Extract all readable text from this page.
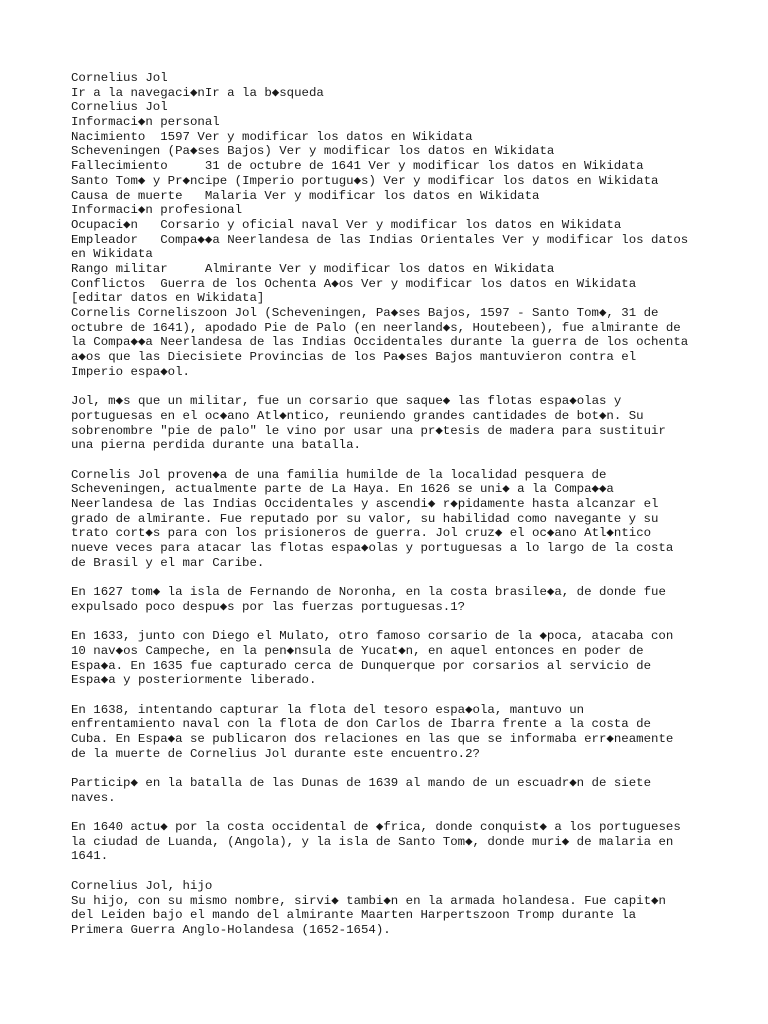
Cornelius Jol
Ir a la navegaci◆nIr a la b◆squeda
Cornelius Jol
Informaci◆n personal
Nacimiento  1597 Ver y modificar los datos en Wikidata
Scheveningen (Pa◆ses Bajos) Ver y modificar los datos en Wikidata
Fallecimiento     31 de octubre de 1641 Ver y modificar los datos en Wikidata
Santo Tom◆ y Pr◆ncipe (Imperio portugu◆s) Ver y modificar los datos en Wikidata
Causa de muerte   Malaria Ver y modificar los datos en Wikidata
Informaci◆n profesional
Ocupaci◆n   Corsario y oficial naval Ver y modificar los datos en Wikidata
Empleador   Compa◆◆a Neerlandesa de las Indias Orientales Ver y modificar los datos
en Wikidata
Rango militar     Almirante Ver y modificar los datos en Wikidata
Conflictos  Guerra de los Ochenta A◆os Ver y modificar los datos en Wikidata
[editar datos en Wikidata]
Cornelis Corneliszoon Jol (Scheveningen, Pa◆ses Bajos, 1597 - Santo Tom◆, 31 de
octubre de 1641), apodado Pie de Palo (en neerland◆s, Houtebeen), fue almirante de
la Compa◆◆a Neerlandesa de las Indias Occidentales durante la guerra de los ochenta
a◆os que las Diecisiete Provincias de los Pa◆ses Bajos mantuvieron contra el
Imperio espa◆ol.
Jol, m◆s que un militar, fue un corsario que saque◆ las flotas espa◆olas y
portuguesas en el oc◆ano Atl◆ntico, reuniendo grandes cantidades de bot◆n. Su
sobrenombre "pie de palo" le vino por usar una pr◆tesis de madera para sustituir
una pierna perdida durante una batalla.
Cornelis Jol proven◆a de una familia humilde de la localidad pesquera de
Scheveningen, actualmente parte de La Haya. En 1626 se uni◆ a la Compa◆◆a
Neerlandesa de las Indias Occidentales y ascendi◆ r◆pidamente hasta alcanzar el
grado de almirante. Fue reputado por su valor, su habilidad como navegante y su
trato cort◆s para con los prisioneros de guerra. Jol cruz◆ el oc◆ano Atl◆ntico
nueve veces para atacar las flotas espa◆olas y portuguesas a lo largo de la costa
de Brasil y el mar Caribe.
En 1627 tom◆ la isla de Fernando de Noronha, en la costa brasile◆a, de donde fue
expulsado poco despu◆s por las fuerzas portuguesas.1?
En 1633, junto con Diego el Mulato, otro famoso corsario de la ◆poca, atacaba con
10 nav◆os Campeche, en la pen◆nsula de Yucat◆n, en aquel entonces en poder de
Espa◆a. En 1635 fue capturado cerca de Dunquerque por corsarios al servicio de
Espa◆a y posteriormente liberado.
En 1638, intentando capturar la flota del tesoro espa◆ola, mantuvo un
enfrentamiento naval con la flota de don Carlos de Ibarra frente a la costa de
Cuba. En Espa◆a se publicaron dos relaciones en las que se informaba err◆neamente
de la muerte de Cornelius Jol durante este encuentro.2?
Particip◆ en la batalla de las Dunas de 1639 al mando de un escuadr◆n de siete
naves.
En 1640 actu◆ por la costa occidental de ◆frica, donde conquist◆ a los portugueses
la ciudad de Luanda, (Angola), y la isla de Santo Tom◆, donde muri◆ de malaria en
1641.
Cornelius Jol, hijo
Su hijo, con su mismo nombre, sirvi◆ tambi◆n en la armada holandesa. Fue capit◆n
del Leiden bajo el mando del almirante Maarten Harpertszoon Tromp durante la
Primera Guerra Anglo-Holandesa (1652-1654).
